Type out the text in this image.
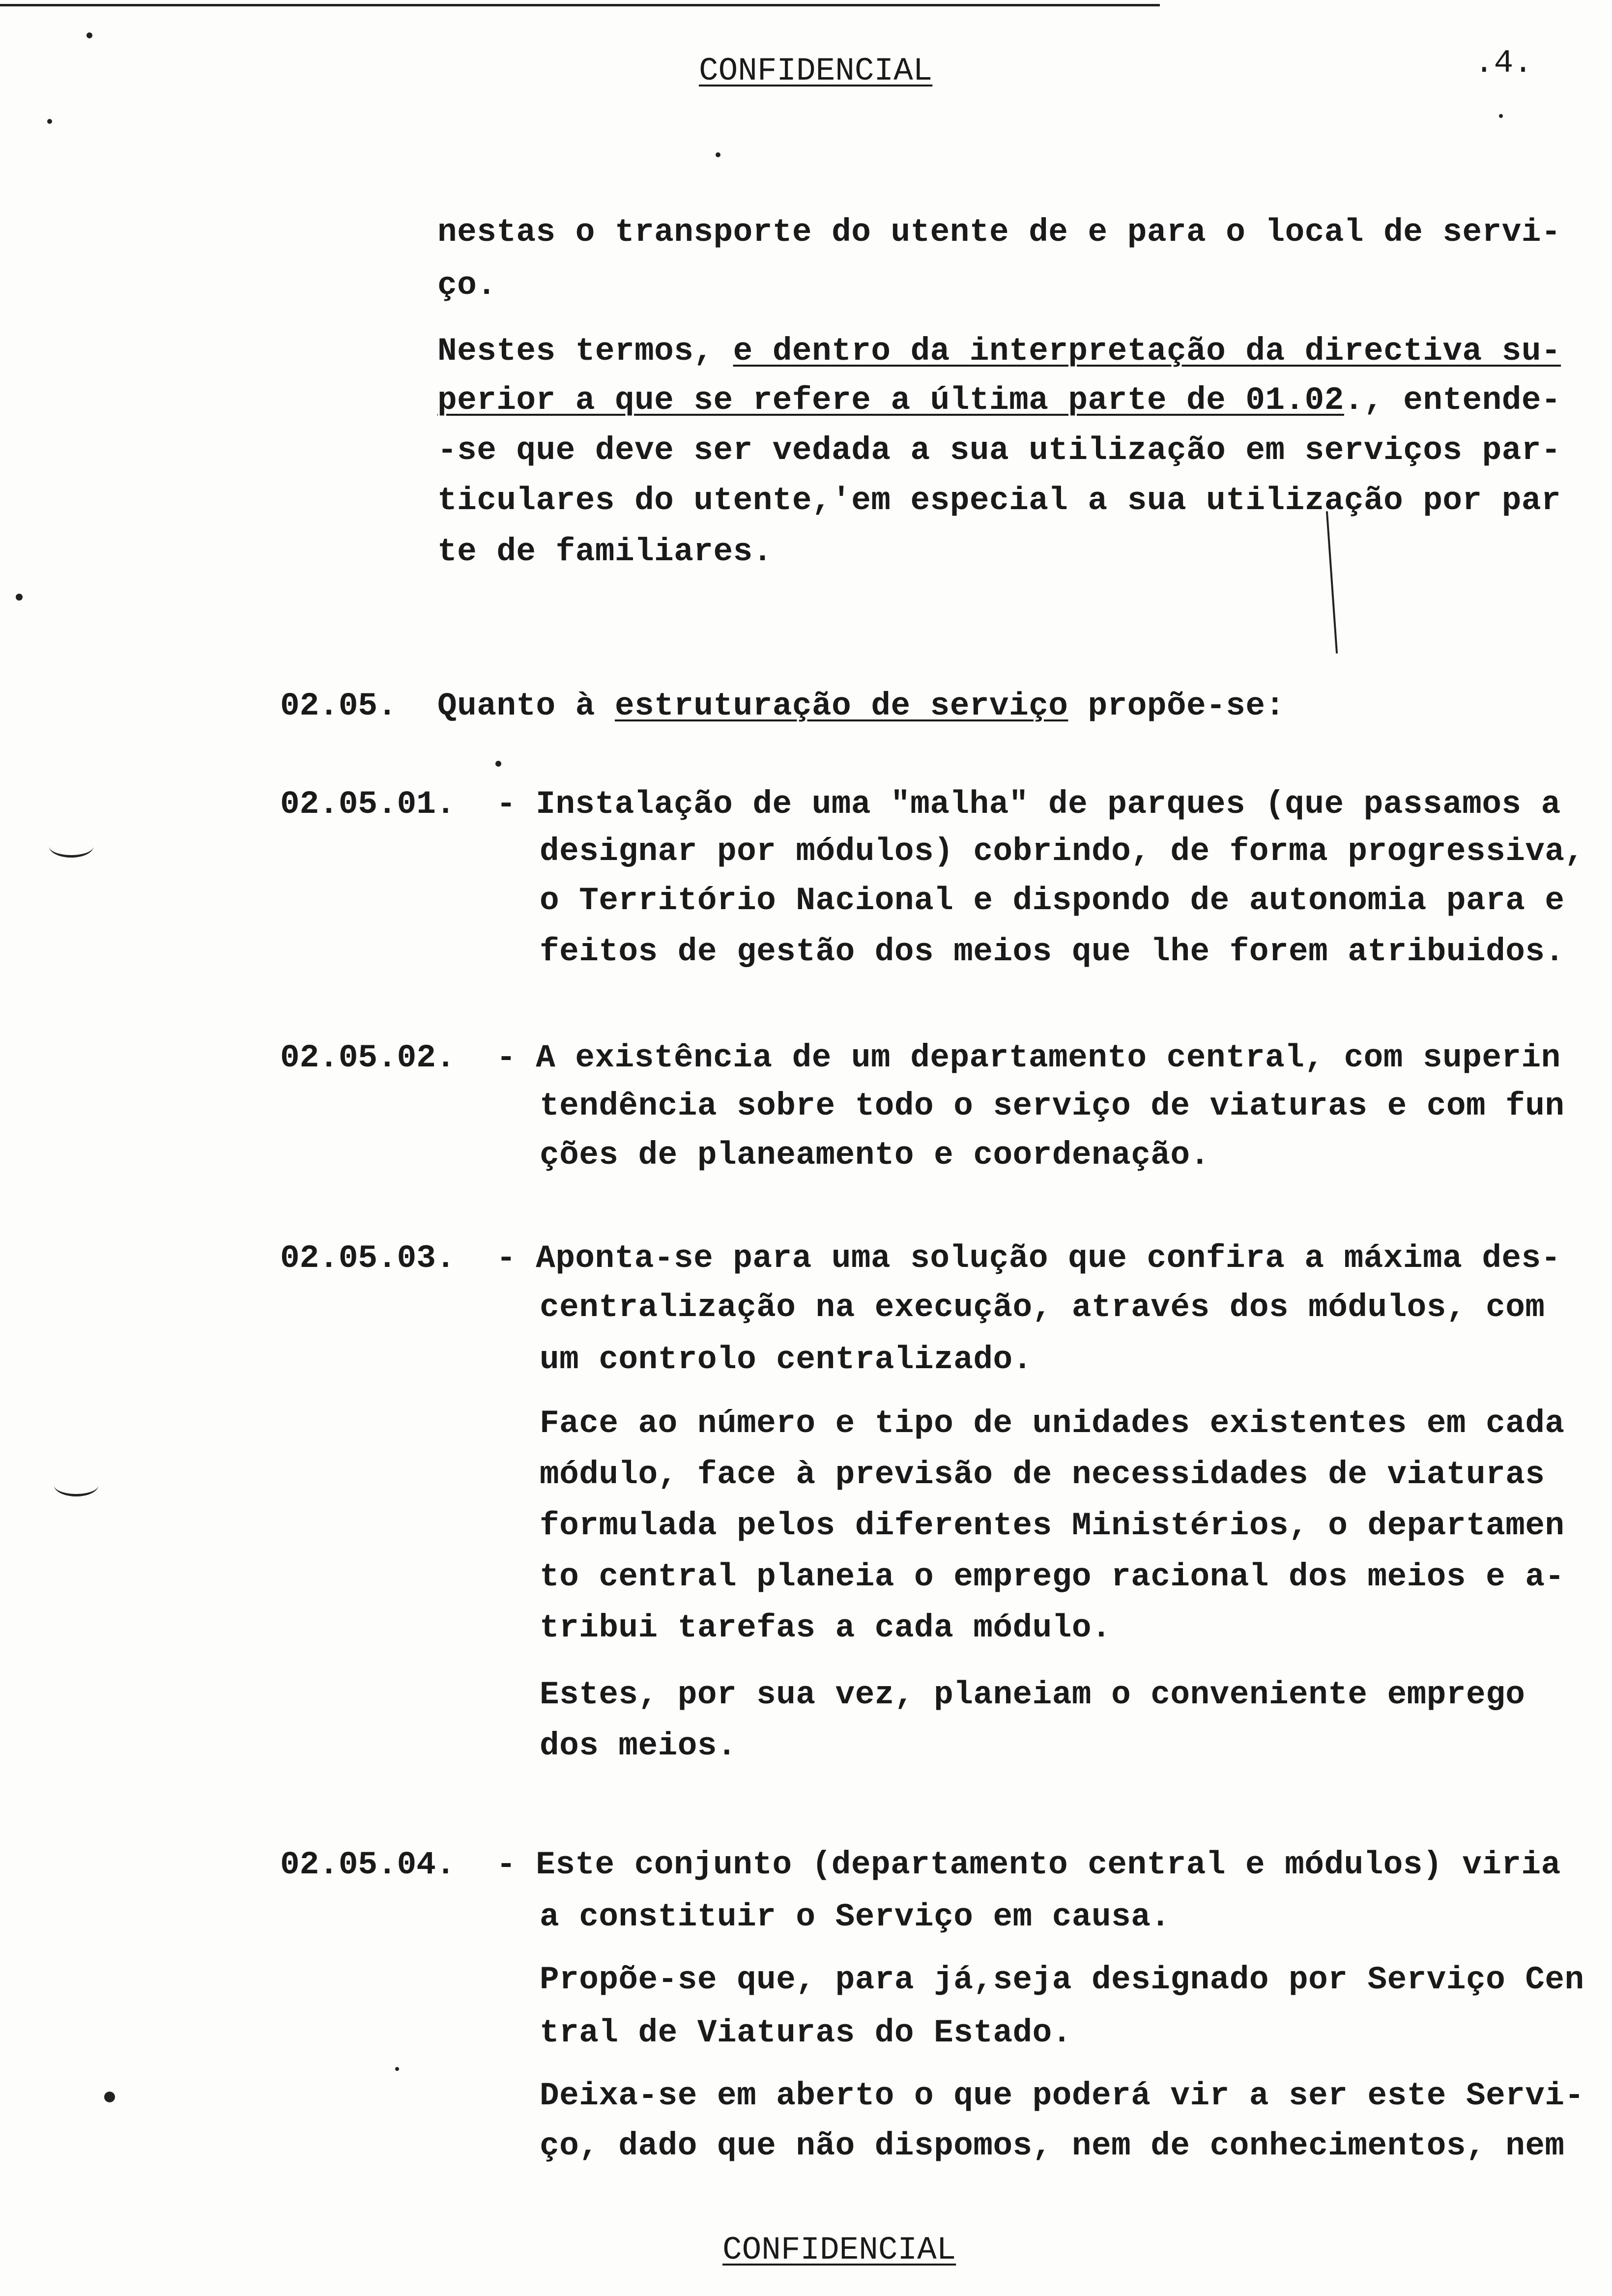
CONFIDENCIAL	.4.
nestas o transporte do utente de e para o local de servi-
ço.
Nestes termos, e dentro da interpretação da directiva su-
perior a que se refere a última parte de 01.02., entende-
-se que deve ser vedada a sua utilização em serviços par-
ticulares do utente,'em especial a sua utilização por par
te de familiares.
02.05. Quanto à estruturação de serviço propõe-se:
02.05.01. - Instalação de uma "malha" de parques (que passamos a
designar por módulos) cobrindo, de forma progressiva,
o Território Nacional e dispondo de autonomia para e
feitos de gestão dos meios que lhe forem atribuidos.
02.05.02. - A existência de um departamento central, com superin
tendência sobre todo o serviço de viaturas e com fun
ções de planeamento e coordenação.
02.05.03. - Aponta-se para uma solução que confira a máxima des-
centralização na execução, através dos módulos, com
um controlo centralizado.
Face ao número e tipo de unidades existentes em cada
módulo, face à previsão de necessidades de viaturas
formulada pelos diferentes Ministérios, o departamen
to central planeia o emprego racional dos meios e a-
tribui tarefas a cada módulo.
Estes, por sua vez, planeiam o conveniente emprego
dos meios.
02.05.04. - Este conjunto (departamento central e módulos) viria
a constituir o Serviço em causa.
Propõe-se que, para já,seja designado por Serviço Cen
tral de Viaturas do Estado.
Deixa-se em aberto o que poderá vir a ser este Servi-
ço, dado que não dispomos, nem de conhecimentos, nem
CONFIDENCIAL
